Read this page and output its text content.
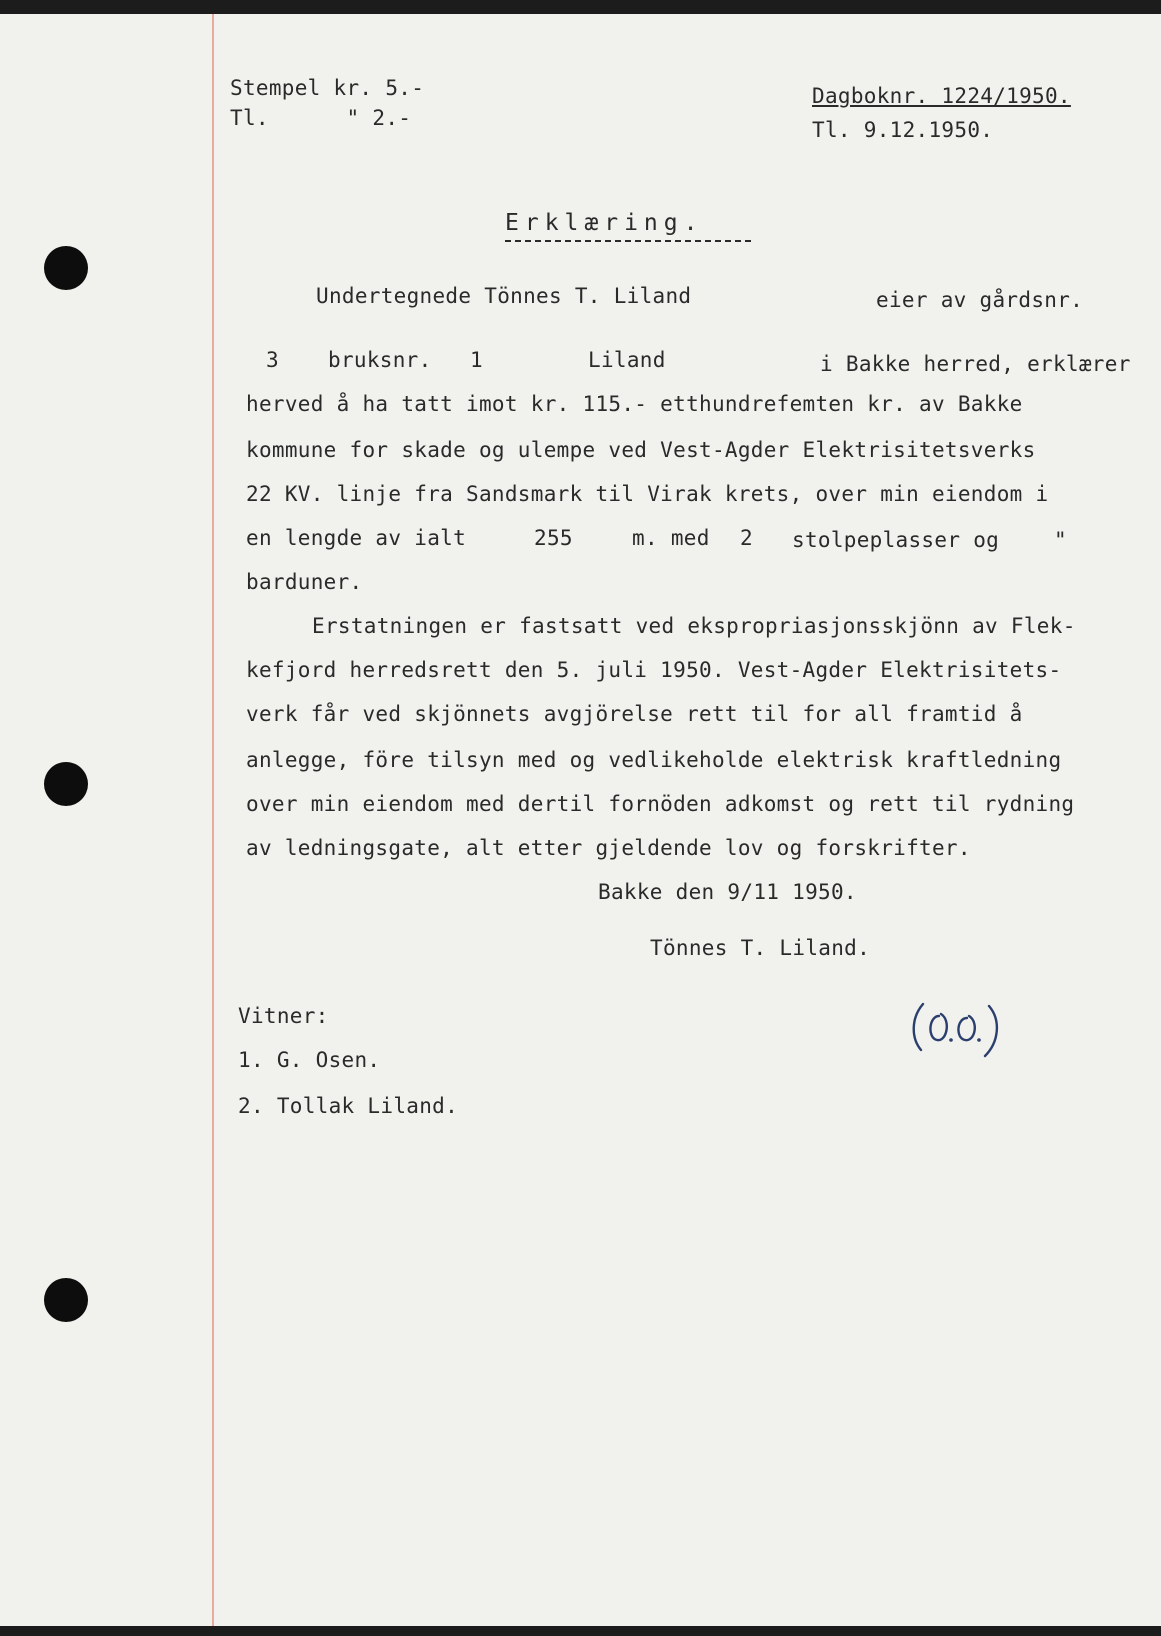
Stempel kr. 5.-
Tl.      " 2.-
Dagboknr. 1224/1950.
Tl. 9.12.1950.
Erklæring.
Undertegnede Tönnes T. Liland	eier av gårdsnr.
3 bruksnr. 1	Liland	i Bakke herred, erklærer
herved å ha tatt imot kr. 115.- etthundrefemten kr. av Bakke
kommune for skade og ulempe ved Vest-Agder Elektrisitetsverks
22 KV. linje fra Sandsmark til Virak krets, over min eiendom i
en lengde av ialt	255	m. med 2 stolpeplasser og	"
barduner.
Erstatningen er fastsatt ved ekspropriasjonsskjönn av Flek-
kefjord herredsrett den 5. juli 1950. Vest-Agder Elektrisitets-
verk får ved skjönnets avgjörelse rett til for all framtid å
anlegge, före tilsyn med og vedlikeholde elektrisk kraftledning
over min eiendom med dertil fornöden adkomst og rett til rydning
av ledningsgate, alt etter gjeldende lov og forskrifter.
Bakke den 9/11 1950.
Tönnes T. Liland.
Vitner:
1. G. Osen.
2. Tollak Liland.
